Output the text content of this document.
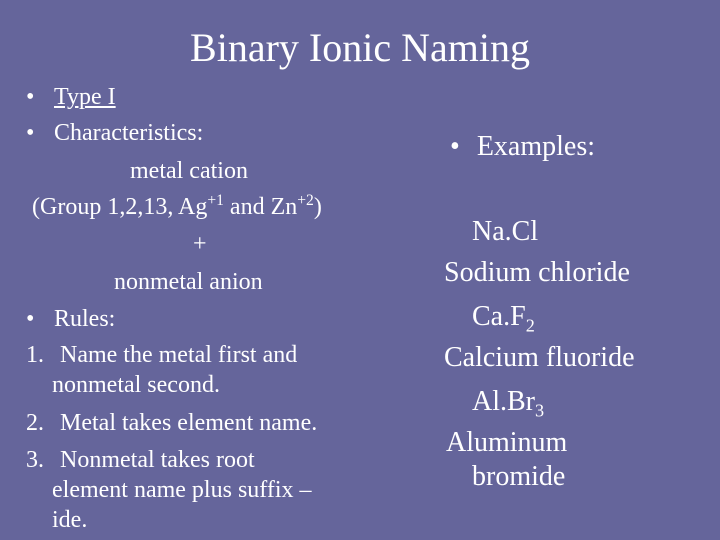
Binary Ionic Naming
• Type I
• Characteristics:
metal cation
(Group 1,2,13, $Ag^{+1}$ and $Zn^{+2}$)
+
nonmetal anion
• Rules:
1. Name the metal first and
nonmetal second.
2. Metal takes element name.
3. Nonmetal takes root
element name plus suffix –
ide.
• Examples:
Na.Cl
Sodium chloride
$Ca.F_2$
Calcium fluoride
$Al.Br_3$
Aluminum
bromide
